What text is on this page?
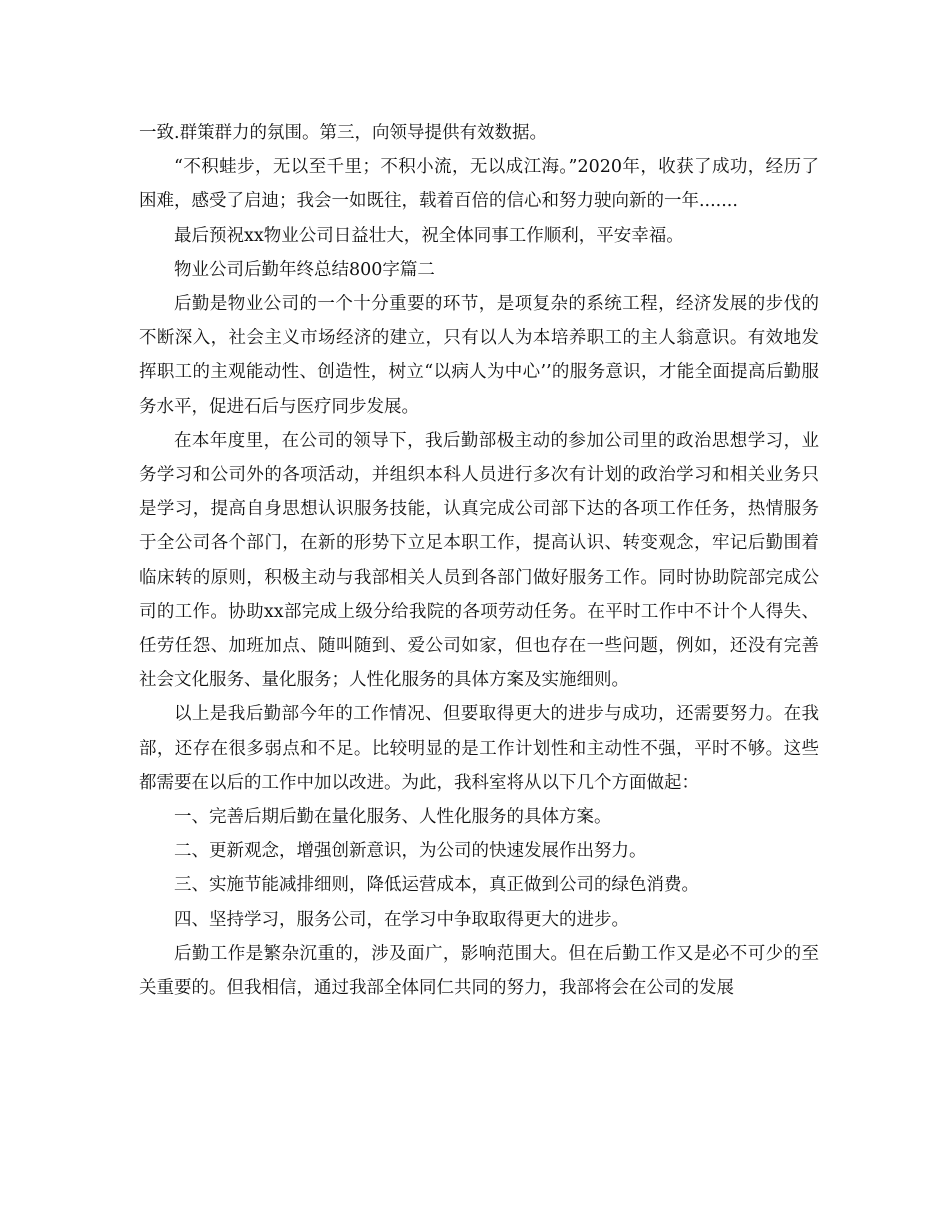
一致.群策群力的氛围。第三，向领导提供有效数据。

“不积蛙步，无以至千里；不积小流，无以成江海。”2020年，收获了成功，经历了困难，感受了启迪；我会一如既往，载着百倍的信心和努力驶向新的一年.......

最后预祝xx物业公司日益壮大，祝全体同事工作顺利，平安幸福。

物业公司后勤年终总结800字篇二

后勤是物业公司的一个十分重要的环节，是项复杂的系统工程，经济发展的步伐的不断深入，社会主义市场经济的建立，只有以人为本培养职工的主人翁意识。有效地发挥职工的主观能动性、创造性，树立“以病人为中心’’的服务意识，才能全面提高后勤服务水平，促进石后与医疗同步发展。

在本年度里，在公司的领导下，我后勤部极主动的参加公司里的政治思想学习，业务学习和公司外的各项活动，并组织本科人员进行多次有计划的政治学习和相关业务只是学习，提高自身思想认识服务技能，认真完成公司部下达的各项工作任务，热情服务于全公司各个部门，在新的形势下立足本职工作，提高认识、转变观念，牢记后勤围着临床转的原则，积极主动与我部相关人员到各部门做好服务工作。同时协助院部完成公司的工作。协助xx部完成上级分给我院的各项劳动任务。在平时工作中不计个人得失、任劳任怨、加班加点、随叫随到、爱公司如家，但也存在一些问题，例如，还没有完善社会文化服务、量化服务；人性化服务的具体方案及实施细则。

以上是我后勤部今年的工作情况、但要取得更大的进步与成功，还需要努力。在我部，还存在很多弱点和不足。比较明显的是工作计划性和主动性不强，平时不够。这些都需要在以后的工作中加以改进。为此，我科室将从以下几个方面做起：

一、完善后期后勤在量化服务、人性化服务的具体方案。

二、更新观念，增强创新意识，为公司的快速发展作出努力。

三、实施节能减排细则，降低运营成本，真正做到公司的绿色消费。

四、坚持学习，服务公司，在学习中争取取得更大的进步。

后勤工作是繁杂沉重的，涉及面广，影响范围大。但在后勤工作又是必不可少的至关重要的。但我相信，通过我部全体同仁共同的努力，我部将会在公司的发展
